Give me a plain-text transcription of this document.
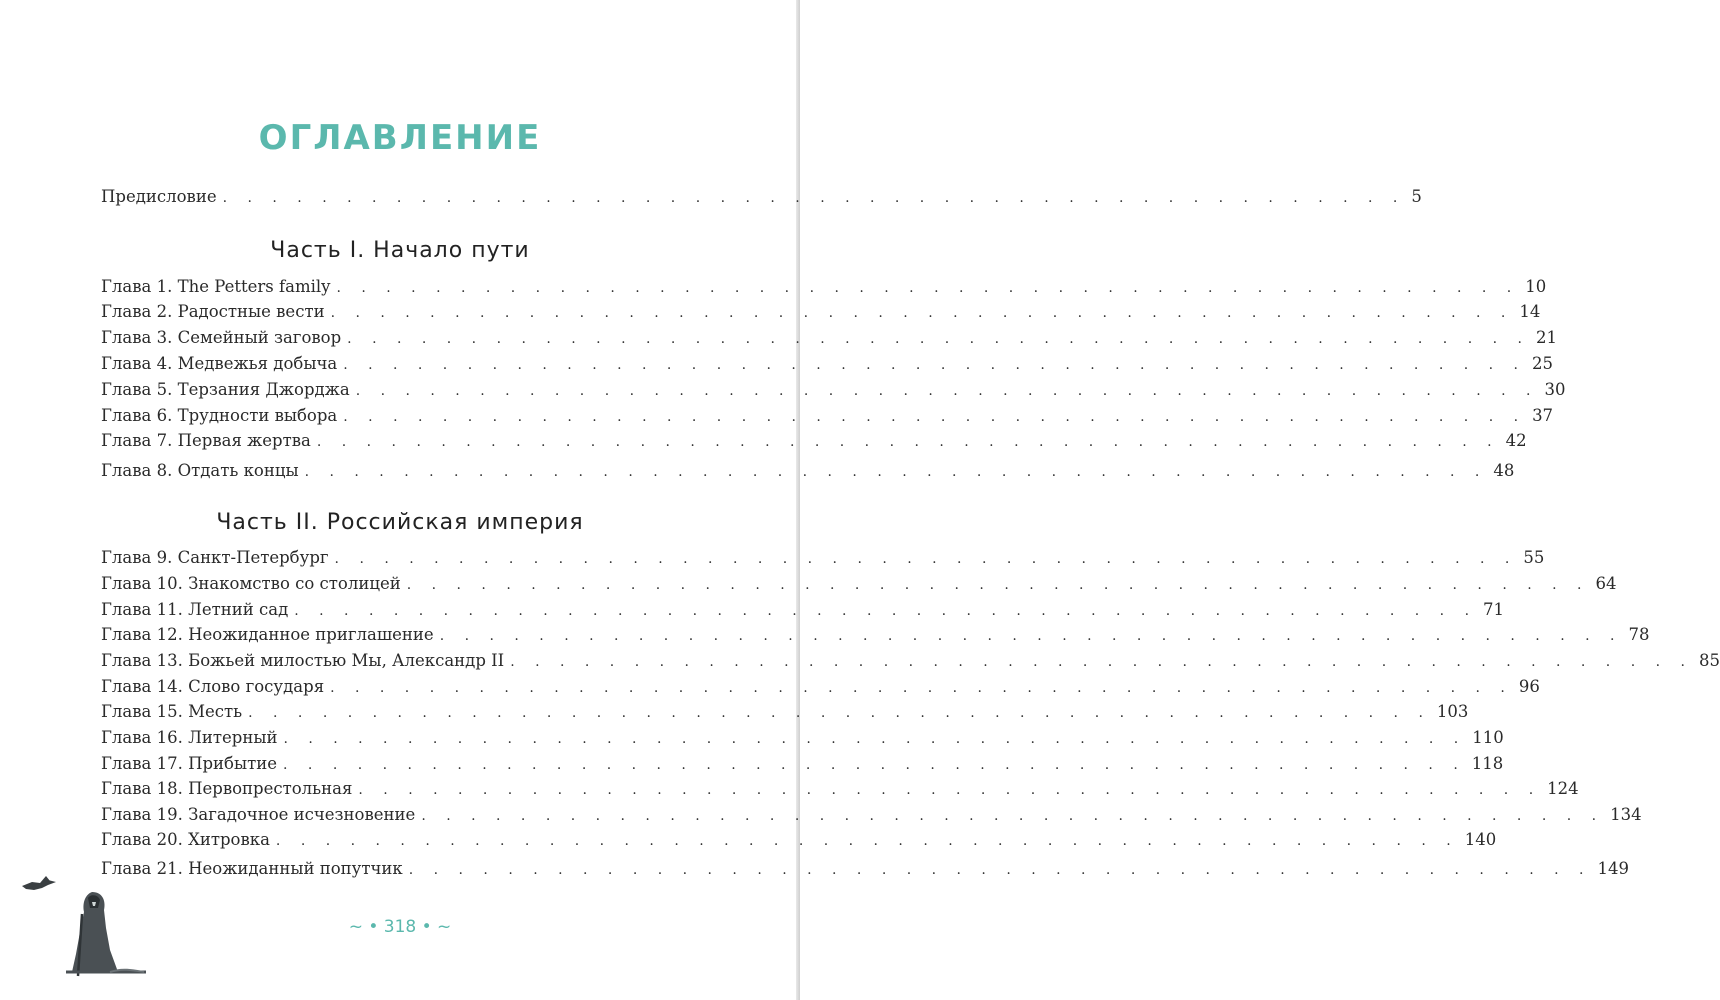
ОГЛАВЛЕНИЕ
Предисловие . . . . . . . . . . . . . . . . . . . . . . . . . . . . . . . . . . . . . . . . . . . . . . . . 5
Часть I. Начало пути
Глава 1. The Petters family . . . . . . . . . . . . . . . . . . . . . . . . . . . . . . . . . . . . . . . . . . . . . . . . 10
Глава 2. Радостные вести . . . . . . . . . . . . . . . . . . . . . . . . . . . . . . . . . . . . . . . . . . . . . . . . 14
Глава 3. Семейный заговор . . . . . . . . . . . . . . . . . . . . . . . . . . . . . . . . . . . . . . . . . . . . . . . . 21
Глава 4. Медвежья добыча . . . . . . . . . . . . . . . . . . . . . . . . . . . . . . . . . . . . . . . . . . . . . . . . 25
Глава 5. Терзания Джорджа . . . . . . . . . . . . . . . . . . . . . . . . . . . . . . . . . . . . . . . . . . . . . . . . 30
Глава 6. Трудности выбора . . . . . . . . . . . . . . . . . . . . . . . . . . . . . . . . . . . . . . . . . . . . . . . . 37
Глава 7. Первая жертва . . . . . . . . . . . . . . . . . . . . . . . . . . . . . . . . . . . . . . . . . . . . . . . . 42
Глава 8. Отдать концы . . . . . . . . . . . . . . . . . . . . . . . . . . . . . . . . . . . . . . . . . . . . . . . . 48
Часть II. Российская империя
Глава 9. Санкт-Петербург . . . . . . . . . . . . . . . . . . . . . . . . . . . . . . . . . . . . . . . . . . . . . . . . 55
Глава 10. Знакомство со столицей . . . . . . . . . . . . . . . . . . . . . . . . . . . . . . . . . . . . . . . . . . . . . . . . 64
Глава 11. Летний сад . . . . . . . . . . . . . . . . . . . . . . . . . . . . . . . . . . . . . . . . . . . . . . . . 71
Глава 12. Неожиданное приглашение . . . . . . . . . . . . . . . . . . . . . . . . . . . . . . . . . . . . . . . . . . . . . . . . 78
Глава 13. Божьей милостью Мы, Александр II . . . . . . . . . . . . . . . . . . . . . . . . . . . . . . . . . . . . . . . . . . . . . . . . 85
Глава 14. Слово государя . . . . . . . . . . . . . . . . . . . . . . . . . . . . . . . . . . . . . . . . . . . . . . . . 96
Глава 15. Месть . . . . . . . . . . . . . . . . . . . . . . . . . . . . . . . . . . . . . . . . . . . . . . . . 103
Глава 16. Литерный . . . . . . . . . . . . . . . . . . . . . . . . . . . . . . . . . . . . . . . . . . . . . . . . 110
Глава 17. Прибытие . . . . . . . . . . . . . . . . . . . . . . . . . . . . . . . . . . . . . . . . . . . . . . . . 118
Глава 18. Первопрестольная . . . . . . . . . . . . . . . . . . . . . . . . . . . . . . . . . . . . . . . . . . . . . . . . 124
Глава 19. Загадочное исчезновение . . . . . . . . . . . . . . . . . . . . . . . . . . . . . . . . . . . . . . . . . . . . . . . . 134
Глава 20. Хитровка . . . . . . . . . . . . . . . . . . . . . . . . . . . . . . . . . . . . . . . . . . . . . . . . 140
Глава 21. Неожиданный попутчик . . . . . . . . . . . . . . . . . . . . . . . . . . . . . . . . . . . . . . . . . . . . . . . . 149
~ • 318 • ~
